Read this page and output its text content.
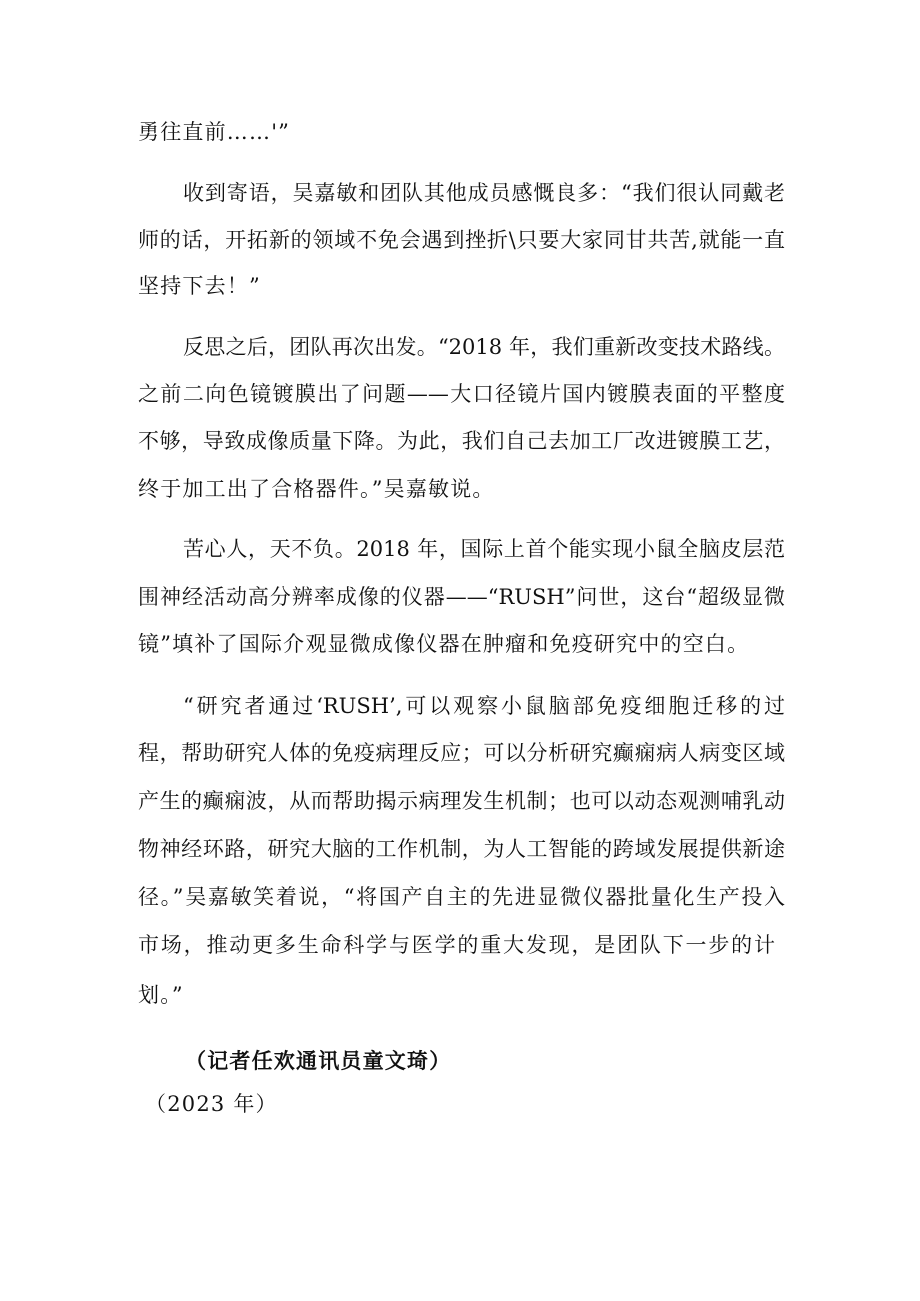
勇往直前……'”
收到寄语，吴嘉敏和团队其他成员感慨良多：“我们很认同戴老
师的话，开拓新的领域不免会遇到挫折\只要大家同甘共苦,就能一直
坚持下去！”
反思之后，团队再次出发。“2018 年，我们重新改变技术路线。
之前二向色镜镀膜出了问题——大口径镜片国内镀膜表面的平整度
不够，导致成像质量下降。为此，我们自己去加工厂改进镀膜工艺，
终于加工出了合格器件。”吴嘉敏说。
苦心人，天不负。2018 年，国际上首个能实现小鼠全脑皮层范
围神经活动高分辨率成像的仪器——“RUSH”问世，这台“超级显微
镜”填补了国际介观显微成像仪器在肿瘤和免疫研究中的空白。
“研究者通过‘RUSH’,可以观察小鼠脑部免疫细胞迁移的过
程，帮助研究人体的免疫病理反应；可以分析研究癫痫病人病变区域
产生的癫痫波，从而帮助揭示病理发生机制；也可以动态观测哺乳动
物神经环路，研究大脑的工作机制，为人工智能的跨域发展提供新途
径。”吴嘉敏笑着说，“将国产自主的先进显微仪器批量化生产投入
市场，推动更多生命科学与医学的重大发现，是团队下一步的计
划。”
（记者任欢通讯员童文琦）
（2023 年）
